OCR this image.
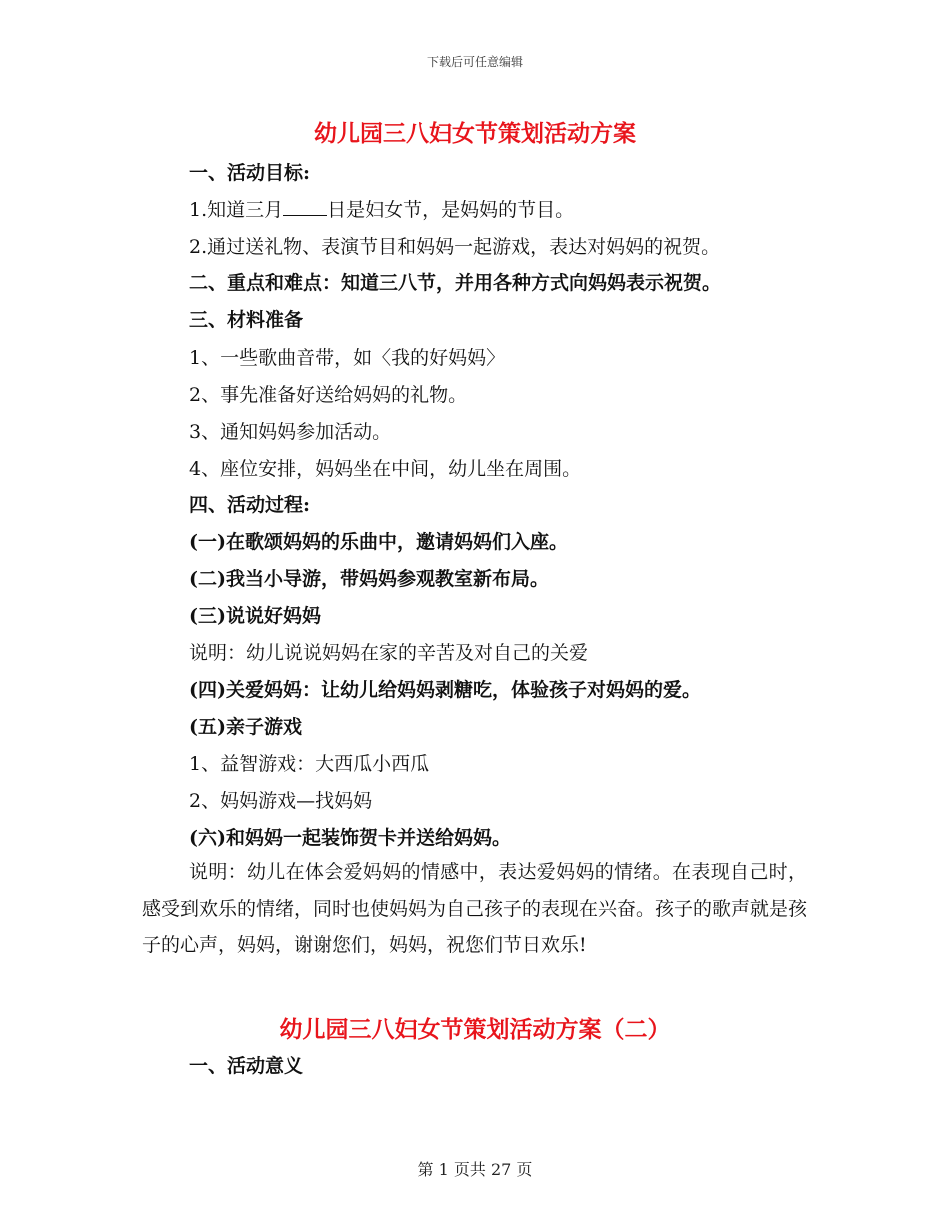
下载后可任意编辑
幼儿园三八妇女节策划活动方案
一、活动目标:
1.知道三月 日是妇女节，是妈妈的节目。
2.通过送礼物、表演节目和妈妈一起游戏，表达对妈妈的祝贺。
二、重点和难点：知道三八节，并用各种方式向妈妈表示祝贺。
三、材料准备
1、一些歌曲音带，如〈我的好妈妈〉
2、事先准备好送给妈妈的礼物。
3、通知妈妈参加活动。
4、座位安排，妈妈坐在中间，幼儿坐在周围。
四、活动过程:
(一)在歌颂妈妈的乐曲中，邀请妈妈们入座。
(二)我当小导游，带妈妈参观教室新布局。
(三)说说好妈妈
说明：幼儿说说妈妈在家的辛苦及对自己的关爱
(四)关爱妈妈：让幼儿给妈妈剥糖吃，体验孩子对妈妈的爱。
(五)亲子游戏
1、益智游戏：大西瓜小西瓜
2、妈妈游戏—找妈妈
(六)和妈妈一起装饰贺卡并送给妈妈。
说明：幼儿在体会爱妈妈的情感中，表达爱妈妈的情绪。在表现自己时，感受到欢乐的情绪，同时也使妈妈为自己孩子的表现在兴奋。孩子的歌声就是孩子的心声，妈妈，谢谢您们，妈妈，祝您们节日欢乐!
幼儿园三八妇女节策划活动方案（二）
一、活动意义
第 1 页共 27 页
